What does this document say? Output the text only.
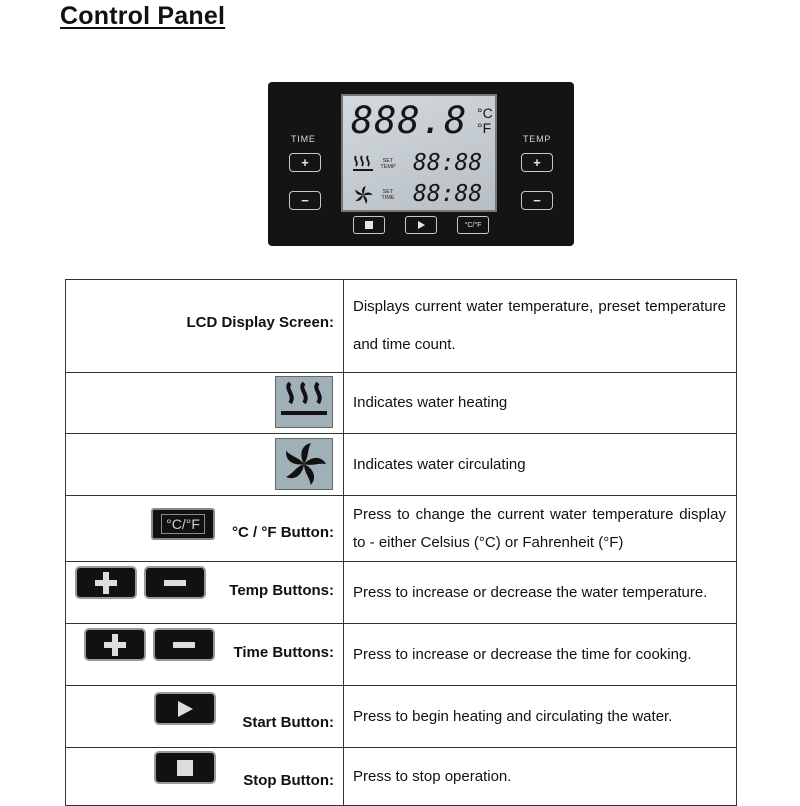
Control Panel
TIME
+
−
TEMP
+
−
888.8 °C
°F
SET TEMP 88:88
SET TIME 88:88
°C/°F
LCD Display Screen:	Displays current water temperature, preset temperature and time count.

	Indicates water heating

	Indicates water circulating

°C/°F °C / °F Button:	Press to change the current water temperature display to - either Celsius (°C) or Fahrenheit (°F)

Temp Buttons:	Press to increase or decrease the water temperature.

Time Buttons:	Press to increase or decrease the time for cooking.

Start Button:	Press to begin heating and circulating the water.

Stop Button:	Press to stop operation.
